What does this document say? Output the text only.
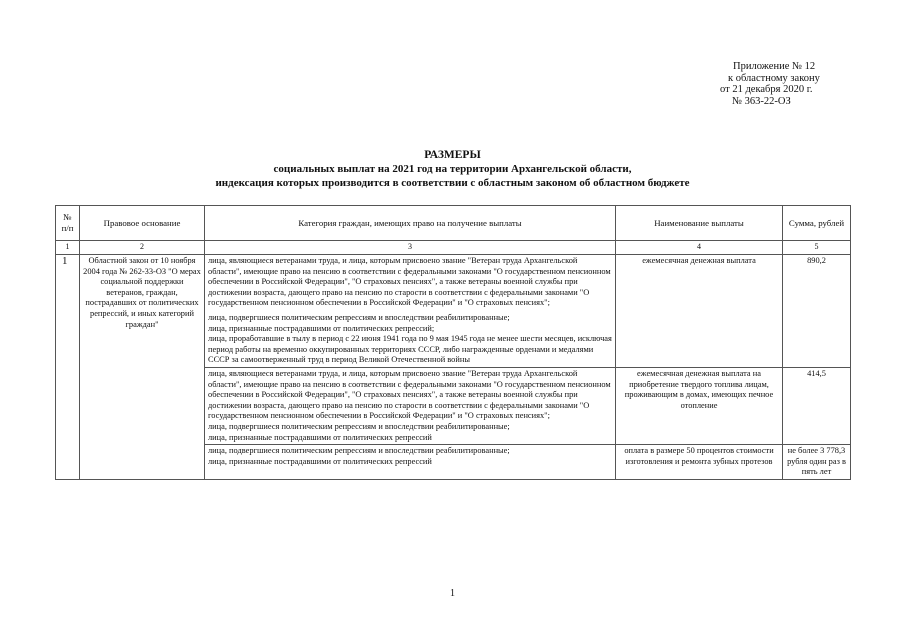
Приложение № 12
к областному закону
от 21 декабря 2020 г.
№ 363-22-ОЗ
РАЗМЕРЫ
социальных выплат на 2021 год на территории Архангельской области,
индексация которых производится в соответствии с областным законом об областном бюджете
№ п/п	Правовое основание	Категория граждан, имеющих право на получение выплаты	Наименование выплаты	Сумма, рублей
1	2	3	4	5
1	Областной закон от 10 ноября 2004 года № 262-33-ОЗ "О мерах социальной поддержки ветеранов, граждан, пострадавших от политических репрессий, и иных категорий граждан"	лица, являющиеся ветеранами труда, и лица, которым присвоено звание "Ветеран труда Архангельской области", имеющие право на пенсию в соответствии с федеральными законами "О государственном пенсионном обеспечении в Российской Федерации", "О страховых пенсиях", а также ветераны военной службы при достижении возраста, дающего право на пенсию по старости в соответствии с федеральными законами "О государственном пенсионном обеспечении в Российской Федерации" и "О страховых пенсиях";

лица, подвергшиеся политическим репрессиям и впоследствии реабилитированные;

лица, признанные пострадавшими от политических репрессий;

лица, проработавшие в тылу в период с 22 июня 1941 года по 9 мая 1945 года не менее шести месяцев, исключая период работы на временно оккупированных территориях СССР, либо награжденные орденами и медалями СССР за самоотверженный труд в период Великой Отечественной войны	ежемесячная денежная выплата	890,2

		лица, являющиеся ветеранами труда, и лица, которым присвоено звание "Ветеран труда Архангельской области", имеющие право на пенсию в соответствии с федеральными законами "О государственном пенсионном обеспечении в Российской Федерации", "О страховых пенсиях", а также ветераны военной службы при достижении возраста, дающего право на пенсию по старости в соответствии с федеральными законами "О государственном пенсионном обеспечении в Российской Федерации" и "О страховых пенсиях";

лица, подвергшиеся политическим репрессиям и впоследствии реабилитированные;

лица, признанные пострадавшими от политических репрессий	ежемесячная денежная выплата на приобретение твердого топлива лицам, проживающим в домах, имеющих печное отопление	414,5

		лица, подвергшиеся политическим репрессиям и впоследствии реабилитированные;

лица, признанные пострадавшими от политических репрессий	оплата в размере 50 процентов стоимости изготовления и ремонта зубных протезов	не более 3 778,3 рубля один раз в пять лет
1
